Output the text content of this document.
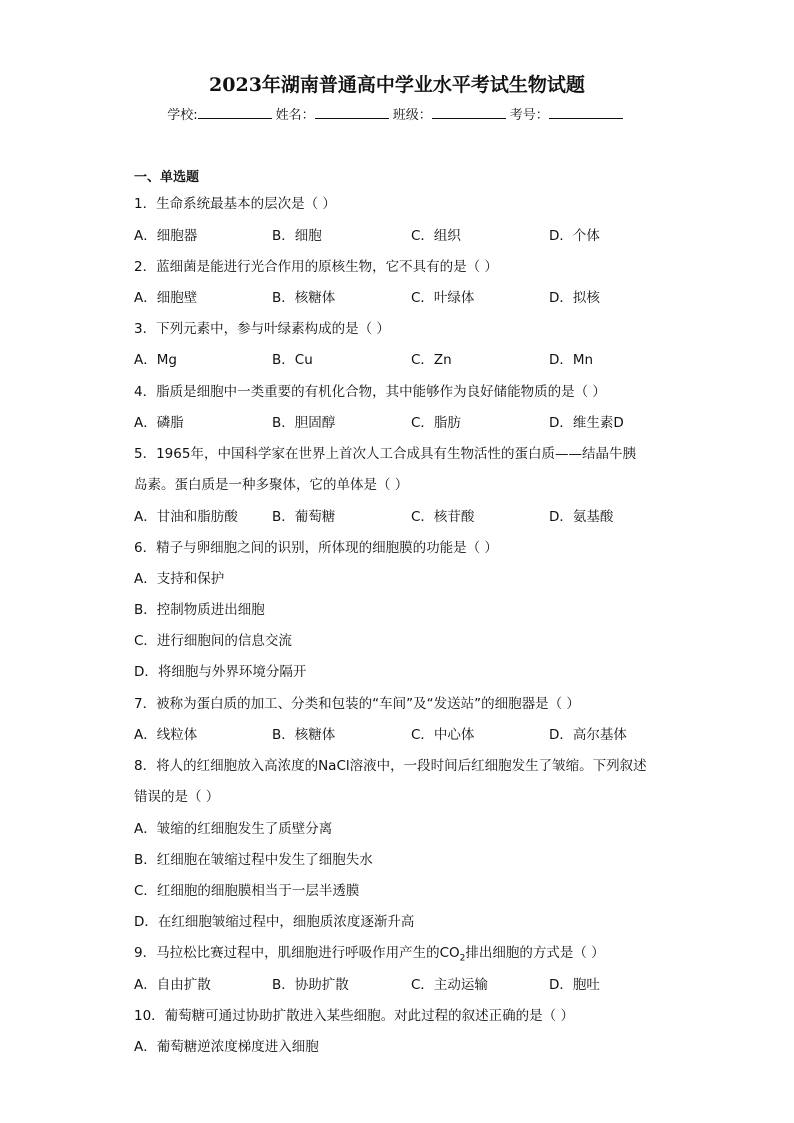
2023年湖南普通高中学业水平考试生物试题
学校:	姓名：	班级：	考号：
一、单选题
1．生命系统最基本的层次是（ ）
A．细胞器	B．细胞	C．组织	D．个体
2．蓝细菌是能进行光合作用的原核生物，它不具有的是（ ）
A．细胞壁	B．核糖体	C．叶绿体	D．拟核
3．下列元素中，参与叶绿素构成的是（ ）
A．Mg	B．Cu	C．Zn	D．Mn
4．脂质是细胞中一类重要的有机化合物，其中能够作为良好储能物质的是（ ）
A．磷脂	B．胆固醇	C．脂肪	D．维生素D
5．1965年，中国科学家在世界上首次人工合成具有生物活性的蛋白质——结晶牛胰
岛素。蛋白质是一种多聚体，它的单体是（ ）
A．甘油和脂肪酸	B．葡萄糖	C．核苷酸	D．氨基酸
6．精子与卵细胞之间的识别，所体现的细胞膜的功能是（ ）
A．支持和保护
B．控制物质进出细胞
C．进行细胞间的信息交流
D．将细胞与外界环境分隔开
7．被称为蛋白质的加工、分类和包装的“车间”及“发送站”的细胞器是（ ）
A．线粒体	B．核糖体	C．中心体	D．高尔基体
8．将人的红细胞放入高浓度的NaCl溶液中，一段时间后红细胞发生了皱缩。下列叙述
错误的是（ ）
A．皱缩的红细胞发生了质壁分离
B．红细胞在皱缩过程中发生了细胞失水
C．红细胞的细胞膜相当于一层半透膜
D．在红细胞皱缩过程中，细胞质浓度逐渐升高
9．马拉松比赛过程中，肌细胞进行呼吸作用产生的$CO_2$排出细胞的方式是（ ）
A．自由扩散	B．协助扩散	C．主动运输	D．胞吐
10．葡萄糖可通过协助扩散进入某些细胞。对此过程的叙述正确的是（ ）
A．葡萄糖逆浓度梯度进入细胞
